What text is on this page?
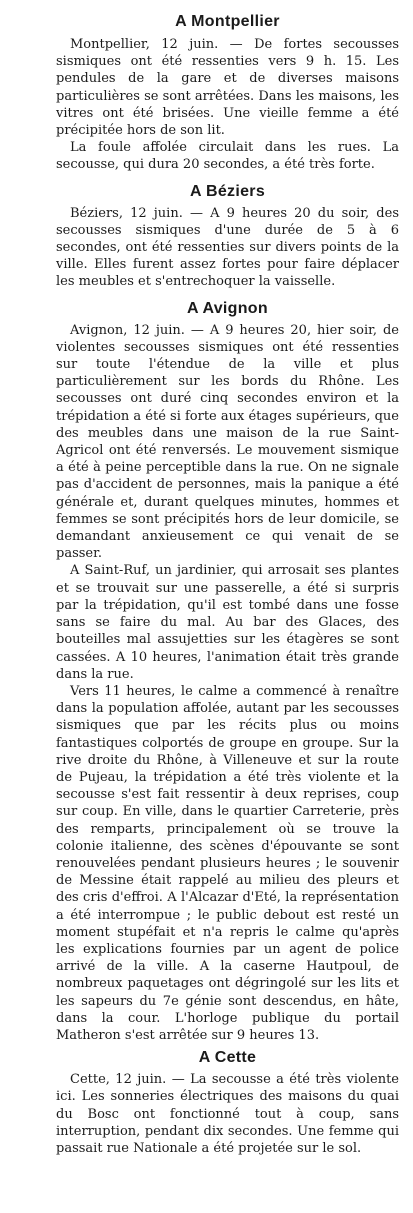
A Montpellier

Montpellier, 12 juin. — De fortes secousses sismiques ont été ressenties vers 9 h. 15. Les pendules de la gare et de diverses maisons particulières se sont arrêtées. Dans les maisons, les vitres ont été brisées. Une vieille femme a été précipitée hors de son lit.

La foule affolée circulait dans les rues. La secousse, qui dura 20 secondes, a été très forte.

A Béziers

Béziers, 12 juin. — A 9 heures 20 du soir, des secousses sismiques d'une durée de 5 à 6 secondes, ont été ressenties sur divers points de la ville. Elles furent assez fortes pour faire déplacer les meubles et s'entrechoquer la vaisselle.

A Avignon

Avignon, 12 juin. — A 9 heures 20, hier soir, de violentes secousses sismiques ont été ressenties sur toute l'étendue de la ville et plus particulièrement sur les bords du Rhône. Les secousses ont duré cinq secondes environ et la trépidation a été si forte aux étages supérieurs, que des meubles dans une maison de la rue Saint-Agricol ont été renversés. Le mouvement sismique a été à peine perceptible dans la rue. On ne signale pas d'accident de personnes, mais la panique a été générale et, durant quelques minutes, hommes et femmes se sont précipités hors de leur domicile, se demandant anxieusement ce qui venait de se passer.

A Saint-Ruf, un jardinier, qui arrosait ses plantes et se trouvait sur une passerelle, a été si surpris par la trépidation, qu'il est tombé dans une fosse sans se faire du mal. Au bar des Glaces, des bouteilles mal assujetties sur les étagères se sont cassées. A 10 heures, l'animation était très grande dans la rue.

Vers 11 heures, le calme a commencé à renaître dans la population affolée, autant par les secousses sismiques que par les récits plus ou moins fantastiques colportés de groupe en groupe. Sur la rive droite du Rhône, à Villeneuve et sur la route de Pujeau, la trépidation a été très violente et la secousse s'est fait ressentir à deux reprises, coup sur coup. En ville, dans le quartier Carreterie, près des remparts, principalement où se trouve la colonie italienne, des scènes d'épouvante se sont renouvelées pendant plusieurs heures ; le souvenir de Messine était rappelé au milieu des pleurs et des cris d'effroi. A l'Alcazar d'Eté, la représentation a été interrompue ; le public debout est resté un moment stupéfait et n'a repris le calme qu'après les explications fournies par un agent de police arrivé de la ville. A la caserne Hautpoul, de nombreux paquetages ont dégringolé sur les lits et les sapeurs du 7e génie sont descendus, en hâte, dans la cour. L'horloge publique du portail Matheron s'est arrêtée sur 9 heures 13.

A Cette

Cette, 12 juin. — La secousse a été très violente ici. Les sonneries électriques des maisons du quai du Bosc ont fonctionné tout à coup, sans interruption, pendant dix secondes. Une femme qui passait rue Nationale a été projetée sur le sol.
